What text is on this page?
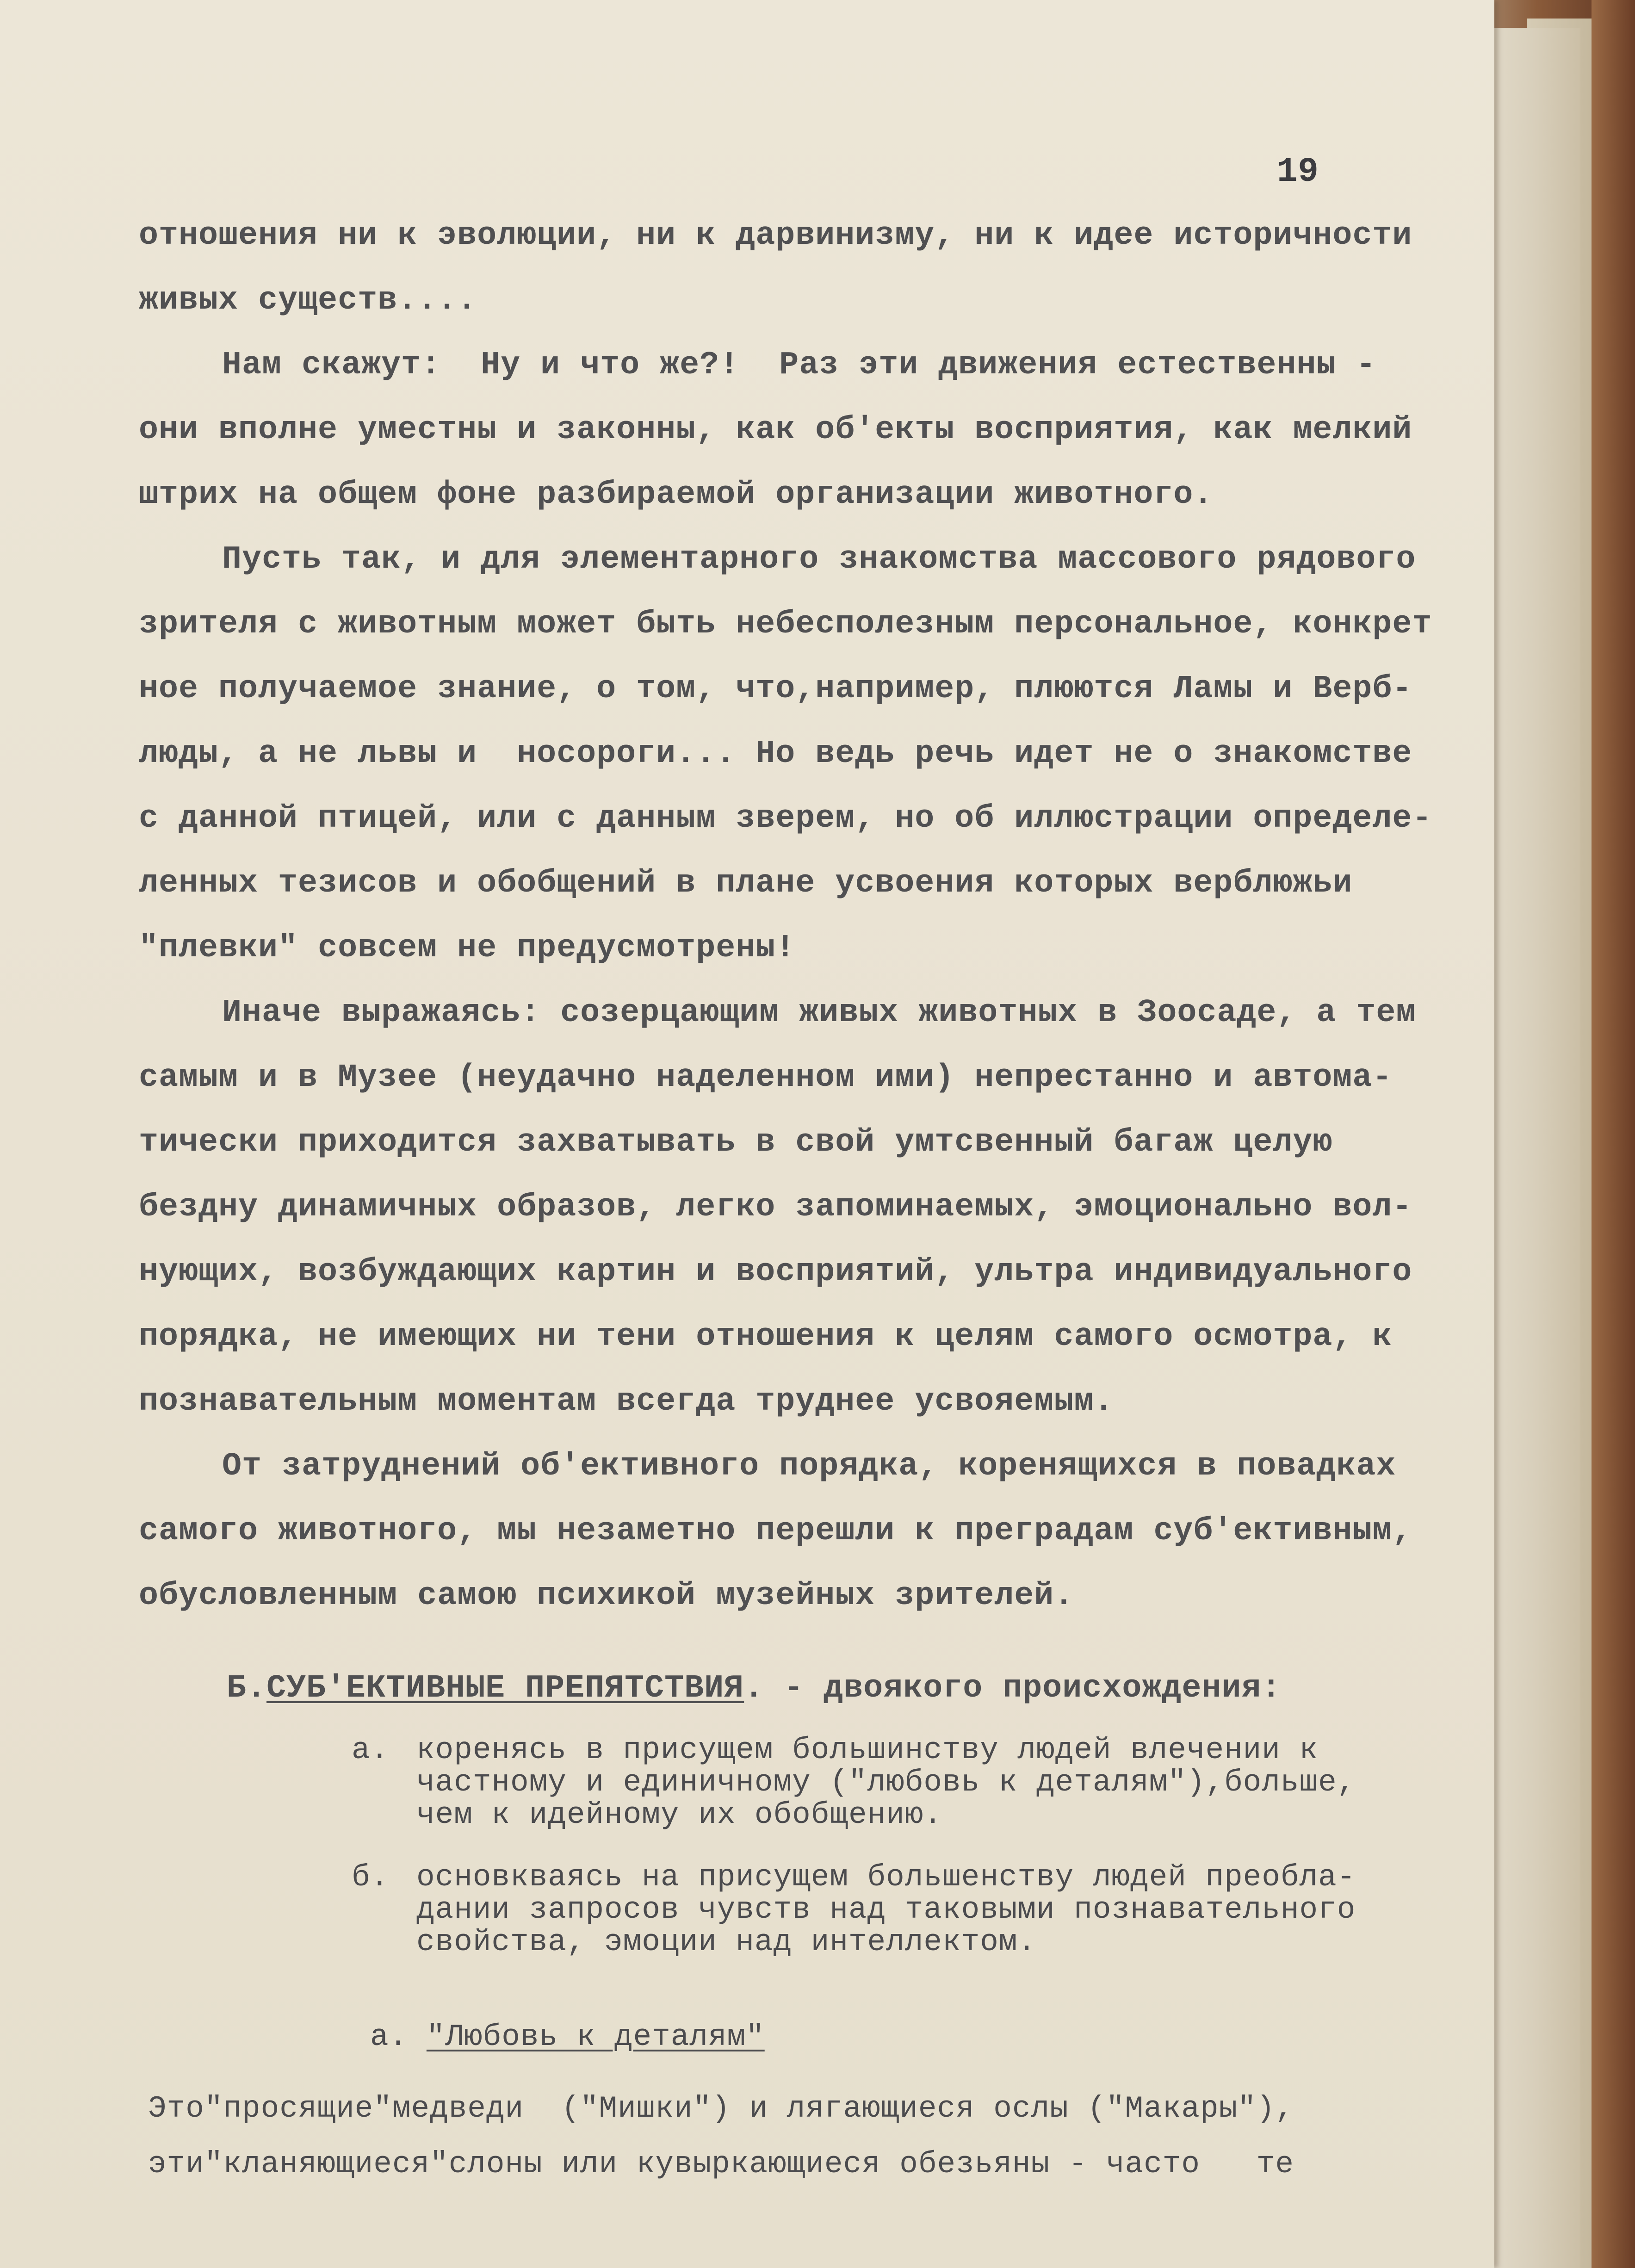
19
отношения ни к эволюции, ни к дарвинизму, ни к идее историчности
живых существ....
Нам скажут:  Ну и что же?!  Раз эти движения естественны -
они вполне уместны и законны, как об'екты восприятия, как мелкий
штрих на общем фоне разбираемой организации животного.
Пусть так, и для элементарного знакомства массового рядового
зрителя с животным может быть небесполезным персональное, конкрет
ное получаемое знание, о том, что,например, плюются Ламы и Верб-
люды, а не львы и  носороги... Но ведь речь идет не о знакомстве
с данной птицей, или с данным зверем, но об иллюстрации определе-
ленных тезисов и обобщений в плане усвоения которых верблюжьи
"плевки" совсем не предусмотрены!
Иначе выражаясь: созерцающим живых животных в Зоосаде, а тем
самым и в Музее (неудачно наделенном ими) непрестанно и автома-
тически приходится захватывать в свой умтсвенный багаж целую
бездну динамичных образов, легко запоминаемых, эмоционально вол-
нующих, возбуждающих картин и восприятий, ультра индивидуального
порядка, не имеющих ни тени отношения к целям самого осмотра, к
познавательным моментам всегда труднее усвояемым.
От затруднений об'ективного порядка, коренящихся в повадках
самого животного, мы незаметно перешли к преградам суб'ективным,
обусловленным самою психикой музейных зрителей.
Б.СУБ'ЕКТИВНЫЕ ПРЕПЯТСТВИЯ. - двоякого происхождения:
а. коренясь в присущем большинству людей влечении к
частному и единичному ("любовь к деталям"),больше,
чем к идейному их обобщению.
б. основкваясь на присущем большенству людей преобла-
дании запросов чувств над таковыми познавательного
свойства, эмоции над интеллектом.
а. "Любовь к деталям"
Это"просящие"медведи  ("Мишки") и лягающиеся ослы ("Макары"),
эти"кланяющиеся"слоны или кувыркающиеся обезьяны - часто   те
